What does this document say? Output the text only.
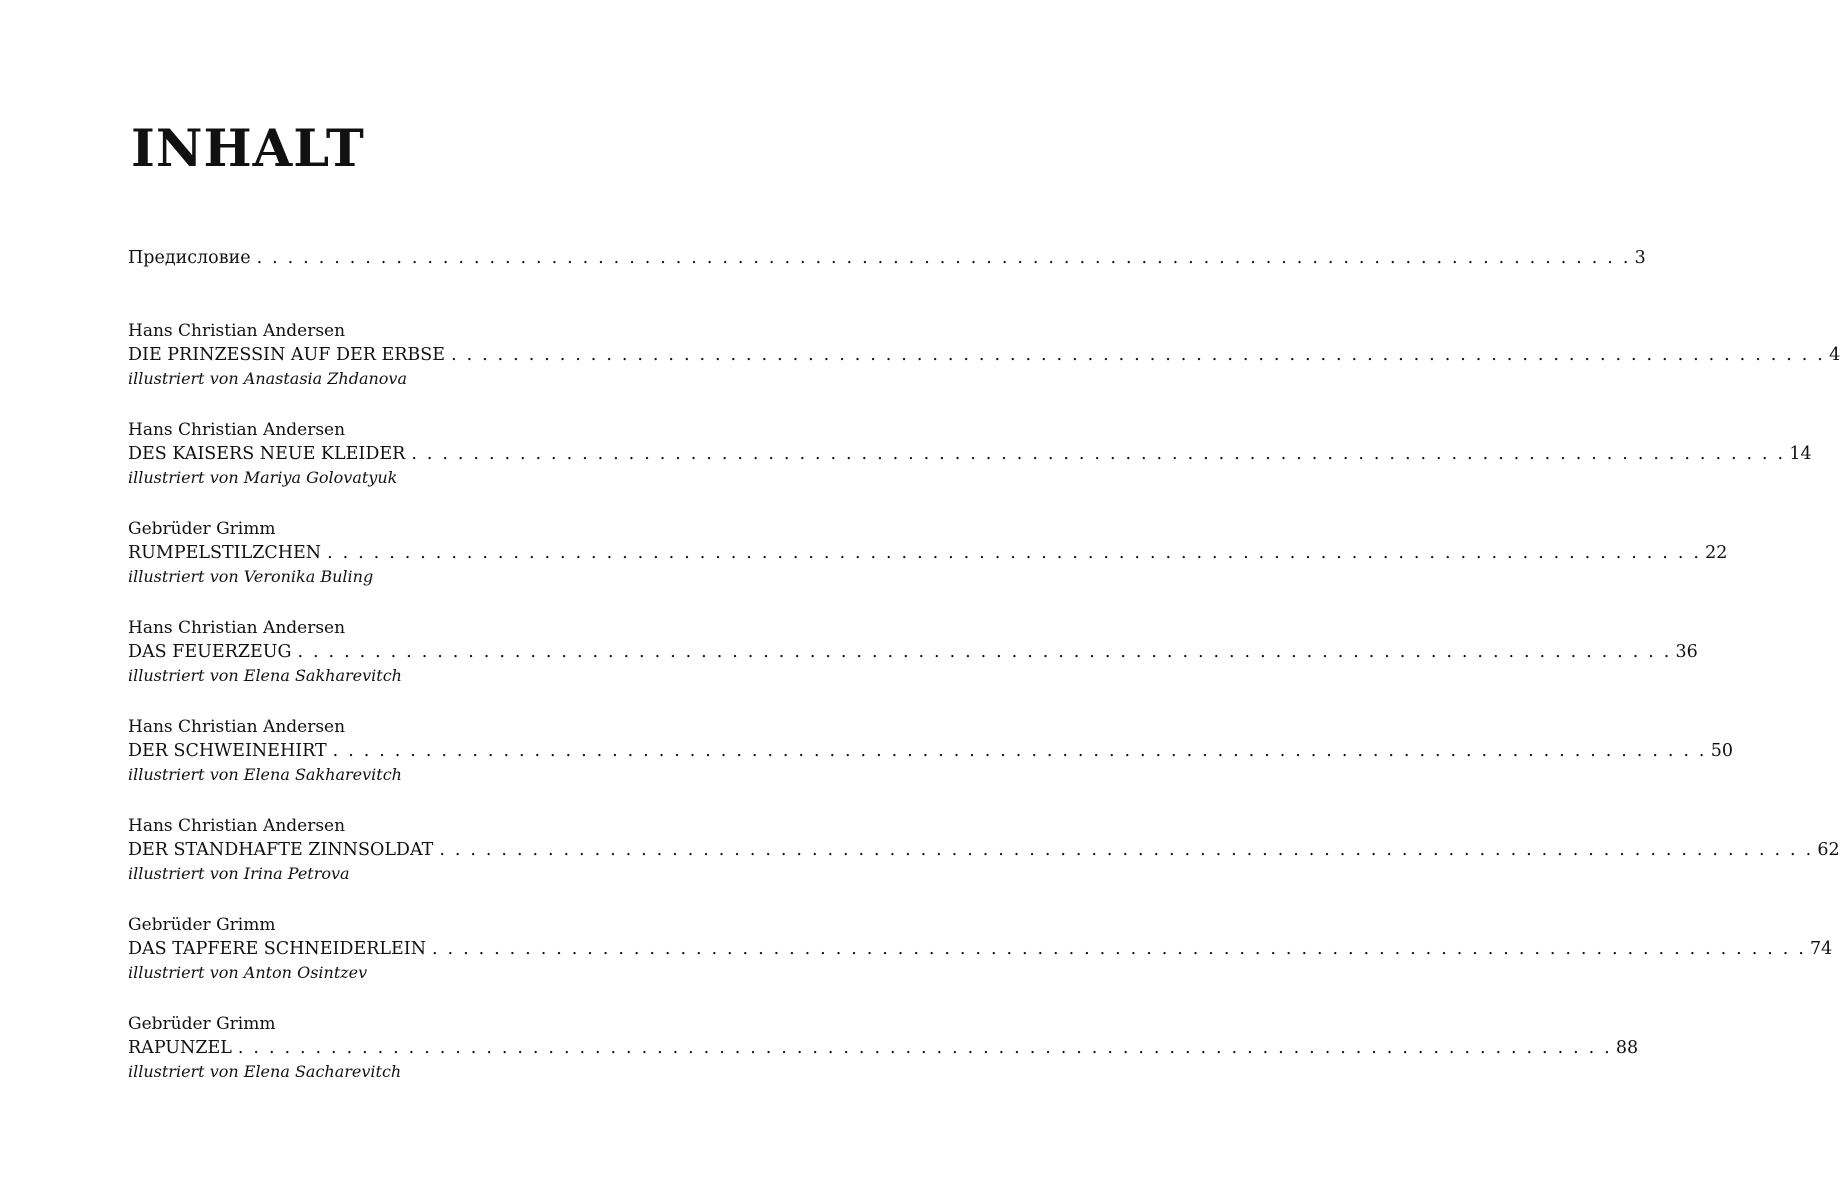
INHALT
Предисловие . . . . . . . . . . . . . . . . . . . . . . . . . . . . . . . . . . . . . . . . . . . . . . . . . . . . . . . . . . . . . . . . . . . . . . . . . . . . . . . . . . . . . . . . . 3
Hans Christian Andersen
DIE PRINZESSIN AUF DER ERBSE . . . . . . . . . . . . . . . . . . . . . . . . . . . . . . . . . . . . . . . . . . . . . . . . . . . . . . . . . . . . . . . . . . . . . . . . . . . . . . . . . . . . . . . . . 4
illustriert von Anastasia Zhdanova
Hans Christian Andersen
DES KAISERS NEUE KLEIDER . . . . . . . . . . . . . . . . . . . . . . . . . . . . . . . . . . . . . . . . . . . . . . . . . . . . . . . . . . . . . . . . . . . . . . . . . . . . . . . . . . . . . . . . . 14
illustriert von Mariya Golovatyuk
Gebrüder Grimm
RUMPELSTILZCHEN . . . . . . . . . . . . . . . . . . . . . . . . . . . . . . . . . . . . . . . . . . . . . . . . . . . . . . . . . . . . . . . . . . . . . . . . . . . . . . . . . . . . . . . . . 22
illustriert von Veronika Buling
Hans Christian Andersen
DAS FEUERZEUG . . . . . . . . . . . . . . . . . . . . . . . . . . . . . . . . . . . . . . . . . . . . . . . . . . . . . . . . . . . . . . . . . . . . . . . . . . . . . . . . . . . . . . . . . 36
illustriert von Elena Sakharevitch
Hans Christian Andersen
DER SCHWEINEHIRT . . . . . . . . . . . . . . . . . . . . . . . . . . . . . . . . . . . . . . . . . . . . . . . . . . . . . . . . . . . . . . . . . . . . . . . . . . . . . . . . . . . . . . . . . 50
illustriert von Elena Sakharevitch
Hans Christian Andersen
DER STANDHAFTE ZINNSOLDAT . . . . . . . . . . . . . . . . . . . . . . . . . . . . . . . . . . . . . . . . . . . . . . . . . . . . . . . . . . . . . . . . . . . . . . . . . . . . . . . . . . . . . . . . . 62
illustriert von Irina Petrova
Gebrüder Grimm
DAS TAPFERE SCHNEIDERLEIN . . . . . . . . . . . . . . . . . . . . . . . . . . . . . . . . . . . . . . . . . . . . . . . . . . . . . . . . . . . . . . . . . . . . . . . . . . . . . . . . . . . . . . . . . 74
illustriert von Anton Osintzev
Gebrüder Grimm
RAPUNZEL . . . . . . . . . . . . . . . . . . . . . . . . . . . . . . . . . . . . . . . . . . . . . . . . . . . . . . . . . . . . . . . . . . . . . . . . . . . . . . . . . . . . . . . . . 88
illustriert von Elena Sacharevitch
